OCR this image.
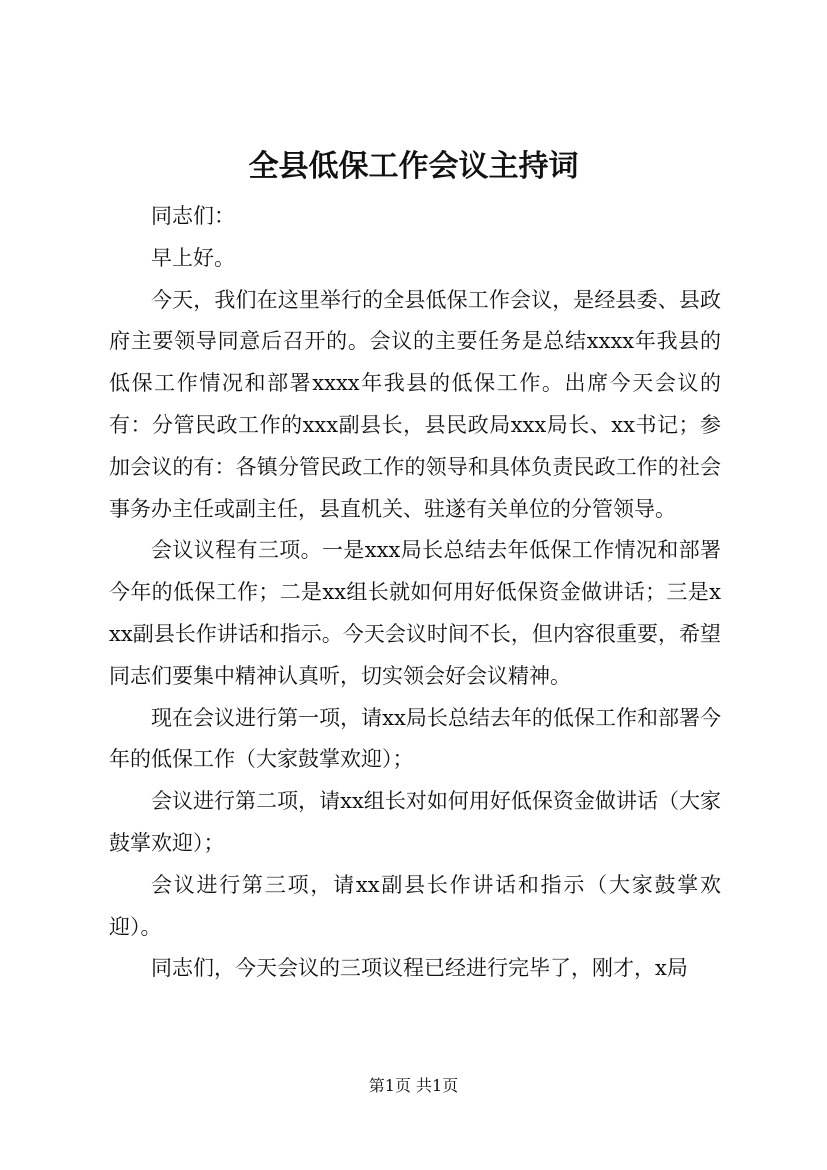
全县低保工作会议主持词

同志们：

早上好。

今天，我们在这里举行的全县低保工作会议，是经县委、县政府主要领导同意后召开的。会议的主要任务是总结xxxx年我县的低保工作情况和部署xxxx年我县的低保工作。出席今天会议的有：分管民政工作的xxx副县长，县民政局xxx局长、xx书记；参加会议的有：各镇分管民政工作的领导和具体负责民政工作的社会事务办主任或副主任，县直机关、驻遂有关单位的分管领导。

会议议程有三项。一是xxx局长总结去年低保工作情况和部署今年的低保工作；二是xx组长就如何用好低保资金做讲话；三是xxx副县长作讲话和指示。今天会议时间不长，但内容很重要，希望同志们要集中精神认真听，切实领会好会议精神。

现在会议进行第一项，请xx局长总结去年的低保工作和部署今年的低保工作（大家鼓掌欢迎）；

会议进行第二项，请xx组长对如何用好低保资金做讲话（大家鼓掌欢迎）；

会议进行第三项，请xx副县长作讲话和指示（大家鼓掌欢迎）。

同志们，今天会议的三项议程已经进行完毕了，刚才，x局

第1页 共1页
